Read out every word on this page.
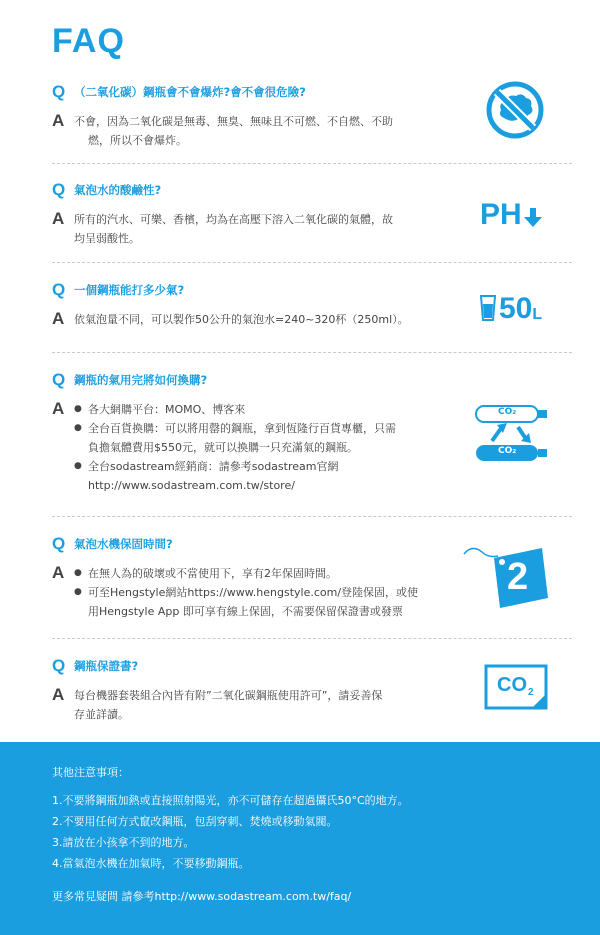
FAQ
Q （二氧化碳）鋼瓶會不會爆炸?會不會很危險?
A 不會，因為二氧化碳是無毒、無臭、無味且不可燃、不自燃、不助
燃，所以不會爆炸。
Q 氣泡水的酸鹼性?
A 所有的汽水、可樂、香檳，均為在高壓下溶入二氧化碳的氣體，故
均呈弱酸性。
PH
Q 一個鋼瓶能打多少氣?
A 依氣泡量不同，可以製作50公升的氣泡水=240~320杯（250ml）。	50 L
Q 鋼瓶的氣用完將如何換購?
A	● 各大網購平台：MOMO、博客來
● 全台百貨換購：可以將用罄的鋼瓶，拿到恆隆行百貨專櫃，只需
負擔氣體費用$550元，就可以換購一只充滿氣的鋼瓶。
● 全台sodastream經銷商：請參考sodastream官網
http://www.sodastream.com.tw/store/
CO₂
CO₂
Q 氣泡水機保固時間?
A	● 在無人為的破壞或不當使用下，享有2年保固時間。
● 可至Hengstyle網站https://www.hengstyle.com/登陸保固，或使
用Hengstyle App 即可享有線上保固，不需要保留保證書或發票
2
Q 鋼瓶保證書?
A 每台機器套裝組合內皆有附”二氧化碳鋼瓶使用許可”，請妥善保
存並詳讀。
CO 2
其他注意事項：
1.不要將鋼瓶加熱或直接照射陽光，亦不可儲存在超過攝氏50°C的地方。
2.不要用任何方式竄改鋼瓶，包刮穿刺、焚燒或移動氣閥。
3.請放在小孩拿不到的地方。
4.當氣泡水機在加氣時，不要移動鋼瓶。
更多常見疑問 請參考http://www.sodastream.com.tw/faq/
